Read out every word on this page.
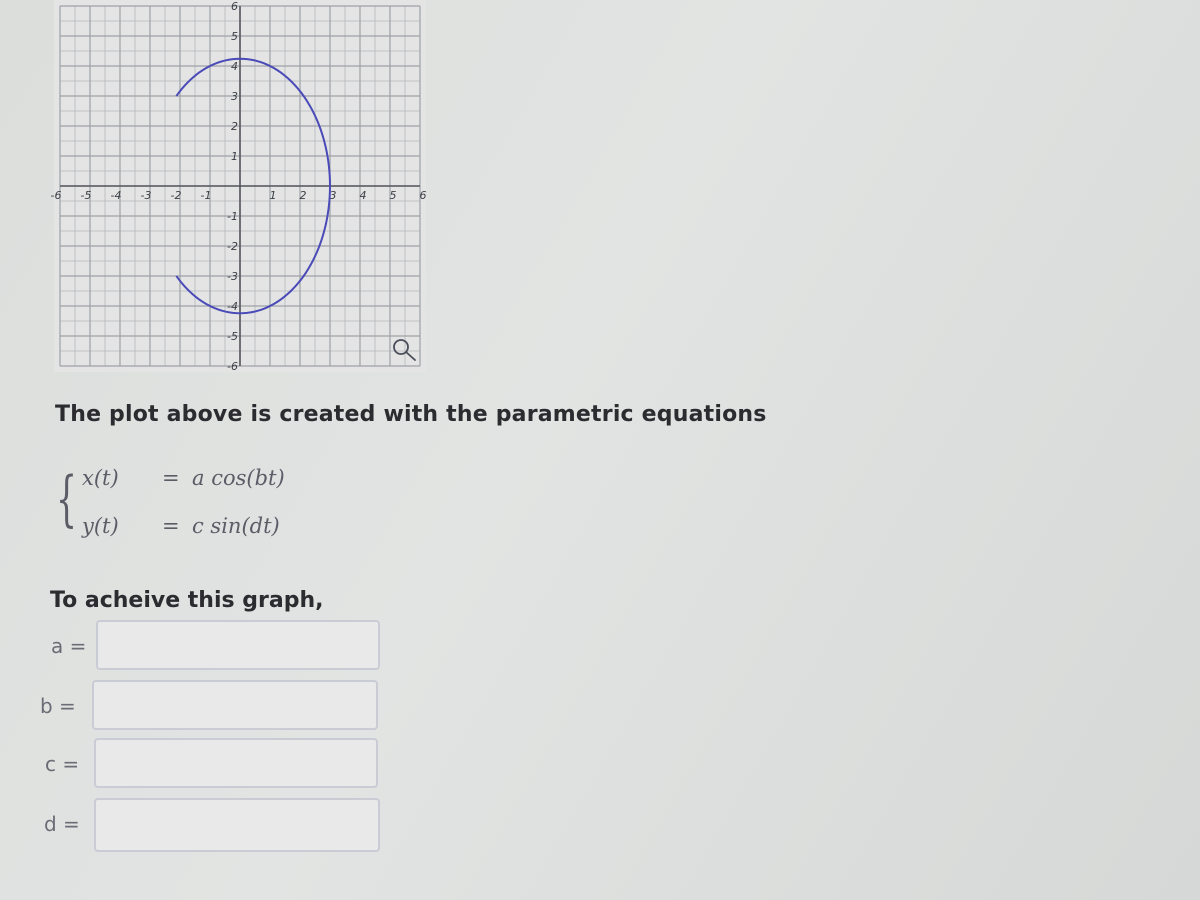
-6 -5 -4 -3 -2 -1	1 2 3 4 5 6
6
5
4
3
2
1
-1
-2
-3
-4
-5
-6
The plot above is created with the parametric equations
{ x(t) = a cos(bt)
y(t) = c sin(dt)
To acheive this graph,
a =
b =
c =
d =
